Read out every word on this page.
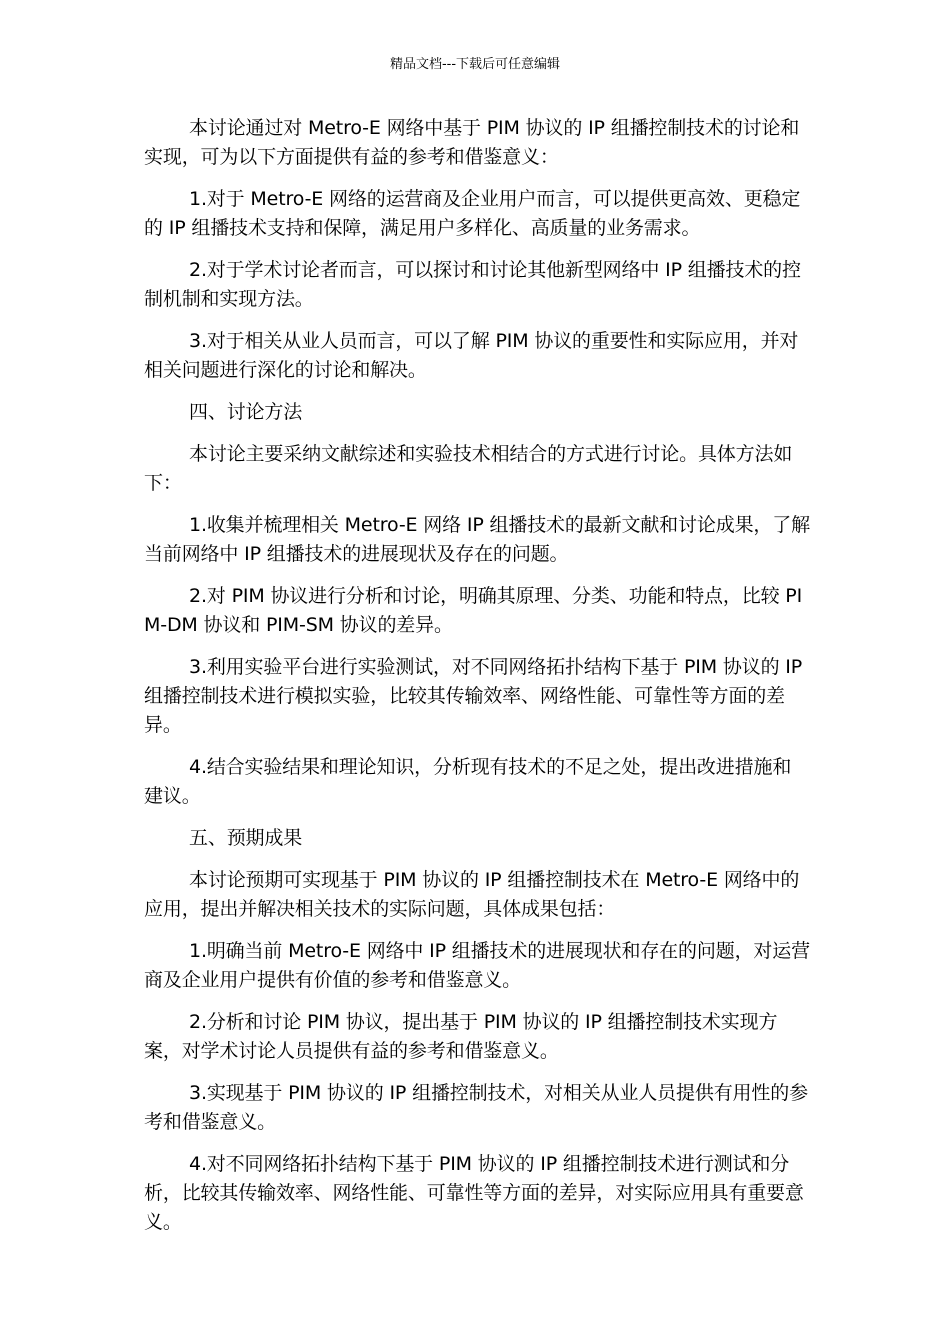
精品文档---下载后可任意编辑

本讨论通过对 Metro-E 网络中基于 PIM 协议的 IP 组播控制技术的讨论和实现，可为以下方面提供有益的参考和借鉴意义：

1.对于 Metro-E 网络的运营商及企业用户而言，可以提供更高效、更稳定的 IP 组播技术支持和保障，满足用户多样化、高质量的业务需求。

2.对于学术讨论者而言，可以探讨和讨论其他新型网络中 IP 组播技术的控制机制和实现方法。

3.对于相关从业人员而言，可以了解 PIM 协议的重要性和实际应用，并对相关问题进行深化的讨论和解决。

四、讨论方法

本讨论主要采纳文献综述和实验技术相结合的方式进行讨论。具体方法如下：

1.收集并梳理相关 Metro-E 网络 IP 组播技术的最新文献和讨论成果，了解当前网络中 IP 组播技术的进展现状及存在的问题。

2.对 PIM 协议进行分析和讨论，明确其原理、分类、功能和特点，比较 PIM-DM 协议和 PIM-SM 协议的差异。

3.利用实验平台进行实验测试，对不同网络拓扑结构下基于 PIM 协议的 IP 组播控制技术进行模拟实验，比较其传输效率、网络性能、可靠性等方面的差异。

4.结合实验结果和理论知识，分析现有技术的不足之处，提出改进措施和建议。

五、预期成果

本讨论预期可实现基于 PIM 协议的 IP 组播控制技术在 Metro-E 网络中的应用，提出并解决相关技术的实际问题，具体成果包括：

1.明确当前 Metro-E 网络中 IP 组播技术的进展现状和存在的问题，对运营商及企业用户提供有价值的参考和借鉴意义。

2.分析和讨论 PIM 协议，提出基于 PIM 协议的 IP 组播控制技术实现方案，对学术讨论人员提供有益的参考和借鉴意义。

3.实现基于 PIM 协议的 IP 组播控制技术，对相关从业人员提供有用性的参考和借鉴意义。

4.对不同网络拓扑结构下基于 PIM 协议的 IP 组播控制技术进行测试和分析，比较其传输效率、网络性能、可靠性等方面的差异，对实际应用具有重要意义。
